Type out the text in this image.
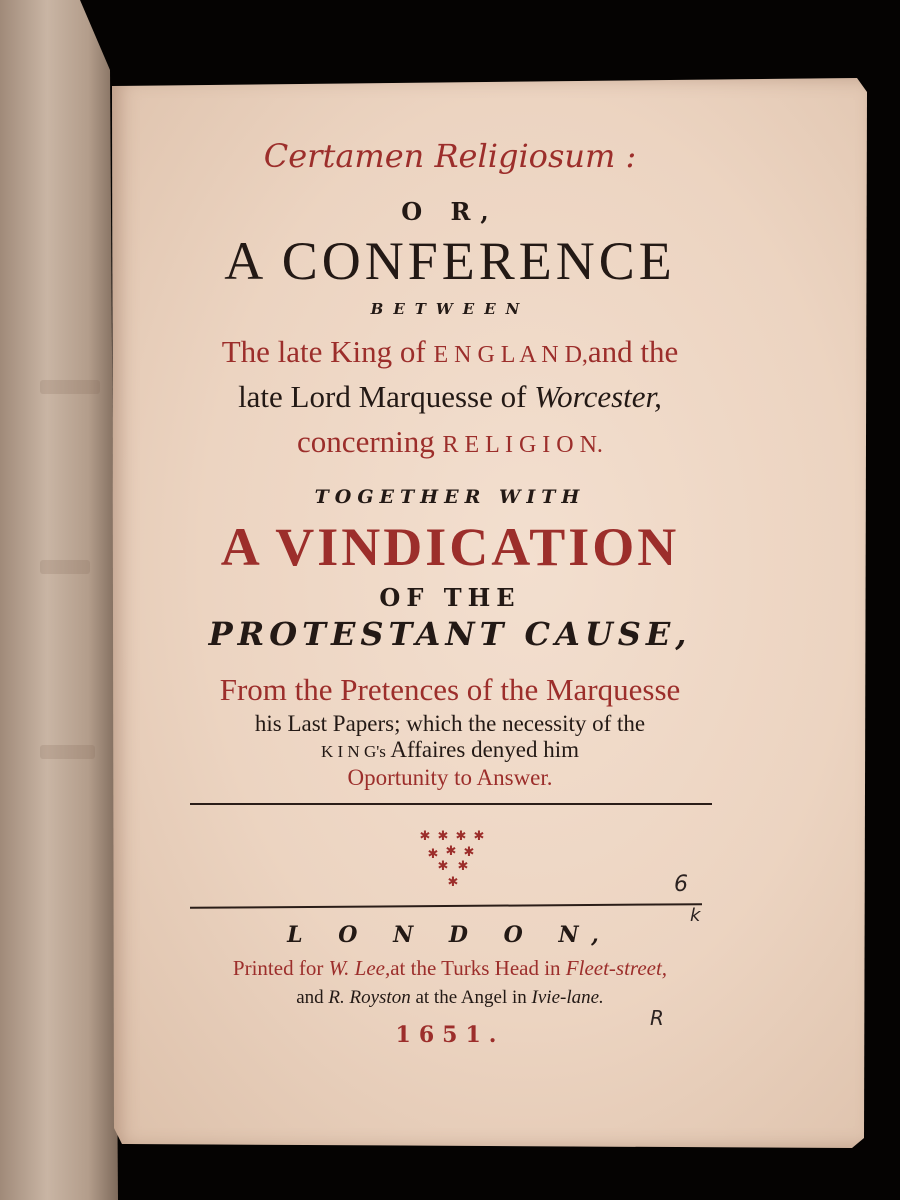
Certamen Religiosum :
O R,
A CONFERENCE
BETWEEN
The late King of E N G L A N D,and the
late Lord Marquesse of Worcester,
concerning R E L I G I O N.
TOGETHER WITH
A VINDICATION
OF THE
PROTESTANT CAUSE,
From the Pretences of the Marquesse
his Last Papers; which the necessity of the
K I N G's Affaires denyed him
Oportunity to Answer.
✱ ✱ ✱ ✱
✱ ✱ ✱
✱ ✱
✱
L O N D O N,
Printed for W. Lee,at the Turks Head in Fleet-street,
and R. Royston at the Angel in Ivie-lane.
1651.
6
k
R
